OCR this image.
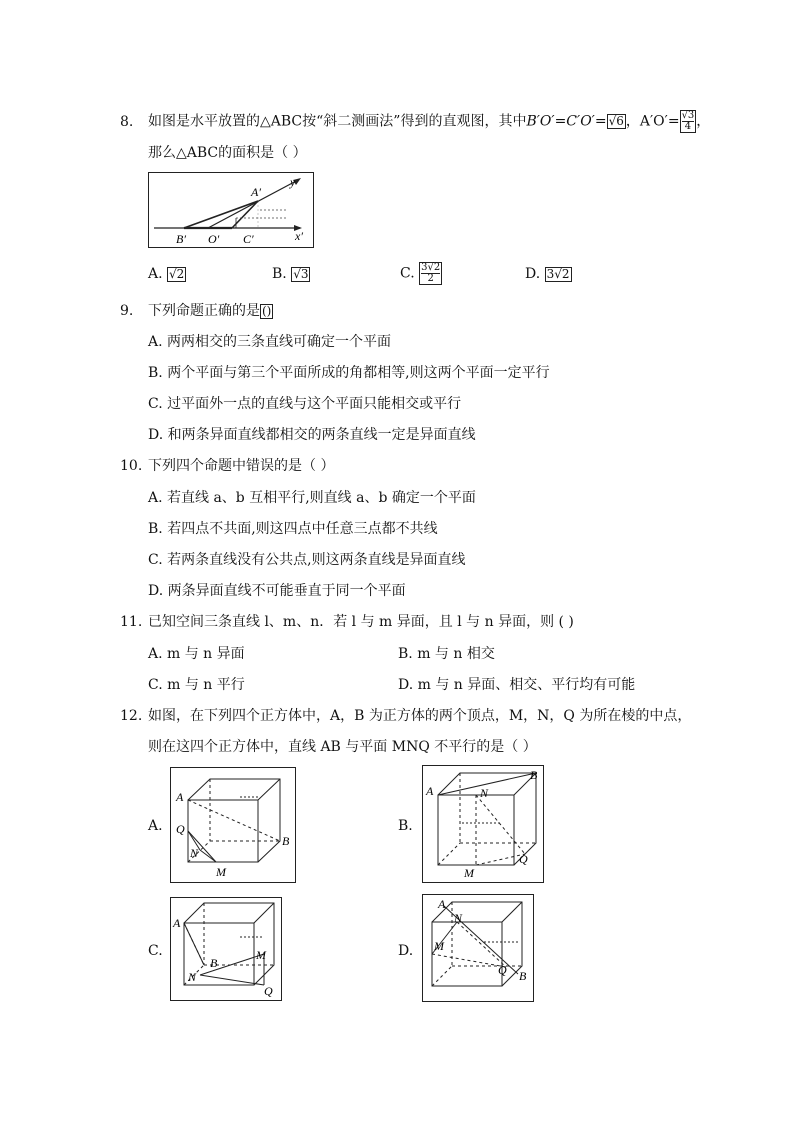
8. 如图是水平放置的△ABC按“斜二测画法”得到的直观图，其中B′O′=C′O′= √6 ，$A'O'= \frac{√3}{4}$ ，
那么△ABC的面积是（ ）
y
x′
A′
B′ O′ C′
A. √2	B. √3	C. $\frac{3√2}{2}$	D. 3√2
9. 下列命题正确的是 ()
A. 两两相交的三条直线可确定一个平面
B. 两个平面与第三个平面所成的角都相等,则这两个平面一定平行
C. 过平面外一点的直线与这个平面只能相交或平行
D. 和两条异面直线都相交的两条直线一定是异面直线
10. 下列四个命题中错误的是（ ）
A. 若直线 a、b 互相平行,则直线 a、b 确定一个平面
B. 若四点不共面,则这四点中任意三点都不共线
C. 若两条直线没有公共点,则这两条直线是异面直线
D. 两条异面直线不可能垂直于同一个平面
11. 已知空间三条直线 l、m、n．若 l 与 m 异面，且 l 与 n 异面，则 ( )
A. m 与 n 异面	B. m 与 n 相交
C. m 与 n 平行	D. m 与 n 异面、相交、平行均有可能
12. 如图，在下列四个正方体中，A，B 为正方体的两个顶点，M，N，Q 为所在棱的中点，
则在这四个正方体中，直线 AB 与平面 MNQ 不平行的是（ ）
A.
A
Q
N
M
B
B.
A
B
N
Q
M
C.
A
B
M
N
Q
D.
A
N
M
Q B
